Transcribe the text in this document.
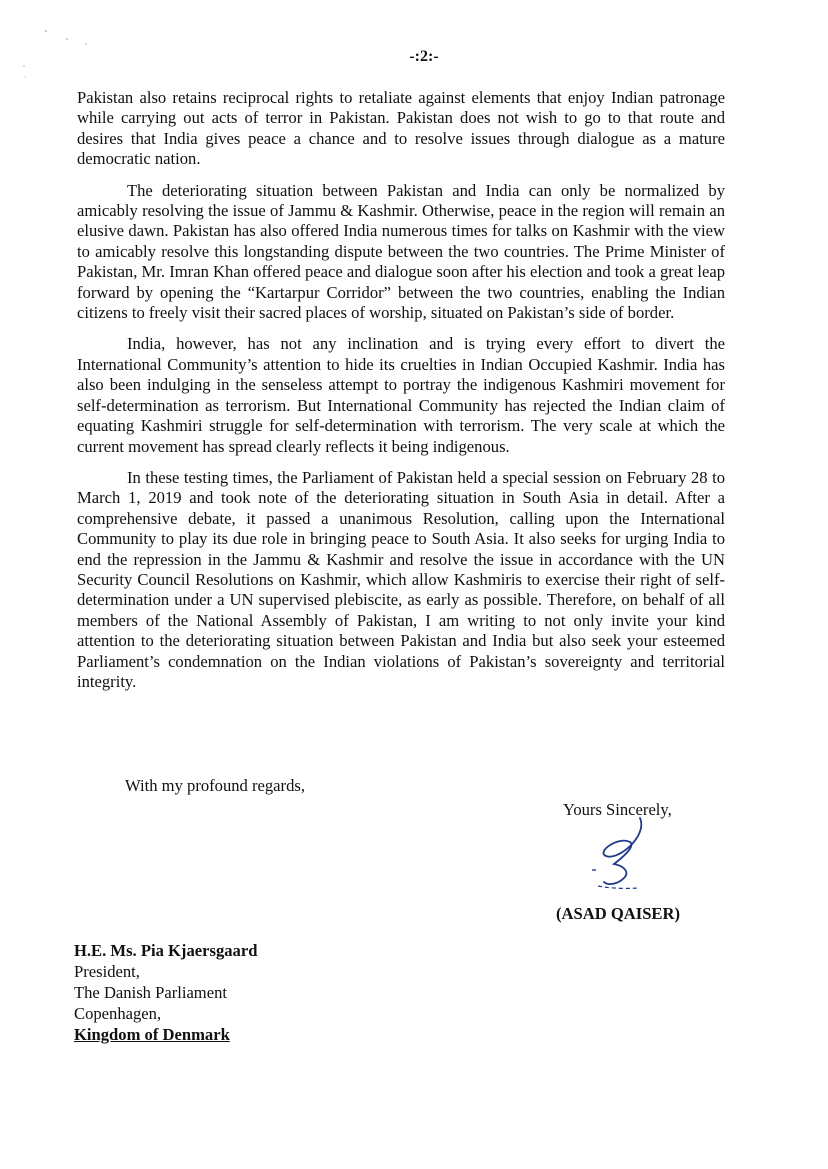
-:2:-

Pakistan also retains reciprocal rights to retaliate against elements that enjoy Indian patronage while carrying out acts of terror in Pakistan. Pakistan does not wish to go to that route and desires that India gives peace a chance and to resolve issues through dialogue as a mature democratic nation.

The deteriorating situation between Pakistan and India can only be normalized by amicably resolving the issue of Jammu & Kashmir. Otherwise, peace in the region will remain an elusive dawn. Pakistan has also offered India numerous times for talks on Kashmir with the view to amicably resolve this longstanding dispute between the two countries. The Prime Minister of Pakistan, Mr. Imran Khan offered peace and dialogue soon after his election and took a great leap forward by opening the “Kartarpur Corridor” between the two countries, enabling the Indian citizens to freely visit their sacred places of worship, situated on Pakistan’s side of border.

India, however, has not any inclination and is trying every effort to divert the International Community’s attention to hide its cruelties in Indian Occupied Kashmir. India has also been indulging in the senseless attempt to portray the indigenous Kashmiri movement for self-determination as terrorism. But International Community has rejected the Indian claim of equating Kashmiri struggle for self-determination with terrorism. The very scale at which the current movement has spread clearly reflects it being indigenous.

In these testing times, the Parliament of Pakistan held a special session on February 28 to March 1, 2019 and took note of the deteriorating situation in South Asia in detail. After a comprehensive debate, it passed a unanimous Resolution, calling upon the International Community to play its due role in bringing peace to South Asia. It also seeks for urging India to end the repression in the Jammu & Kashmir and resolve the issue in accordance with the UN Security Council Resolutions on Kashmir, which allow Kashmiris to exercise their right of self-determination under a UN supervised plebiscite, as early as possible. Therefore, on behalf of all members of the National Assembly of Pakistan, I am writing to not only invite your kind attention to the deteriorating situation between Pakistan and India but also seek your esteemed Parliament’s condemnation on the Indian violations of Pakistan’s sovereignty and territorial integrity.

With my profound regards,
Yours Sincerely,
(ASAD QAISER)
H.E. Ms. Pia Kjaersgaard
President,
The Danish Parliament
Copenhagen,
Kingdom of Denmark
